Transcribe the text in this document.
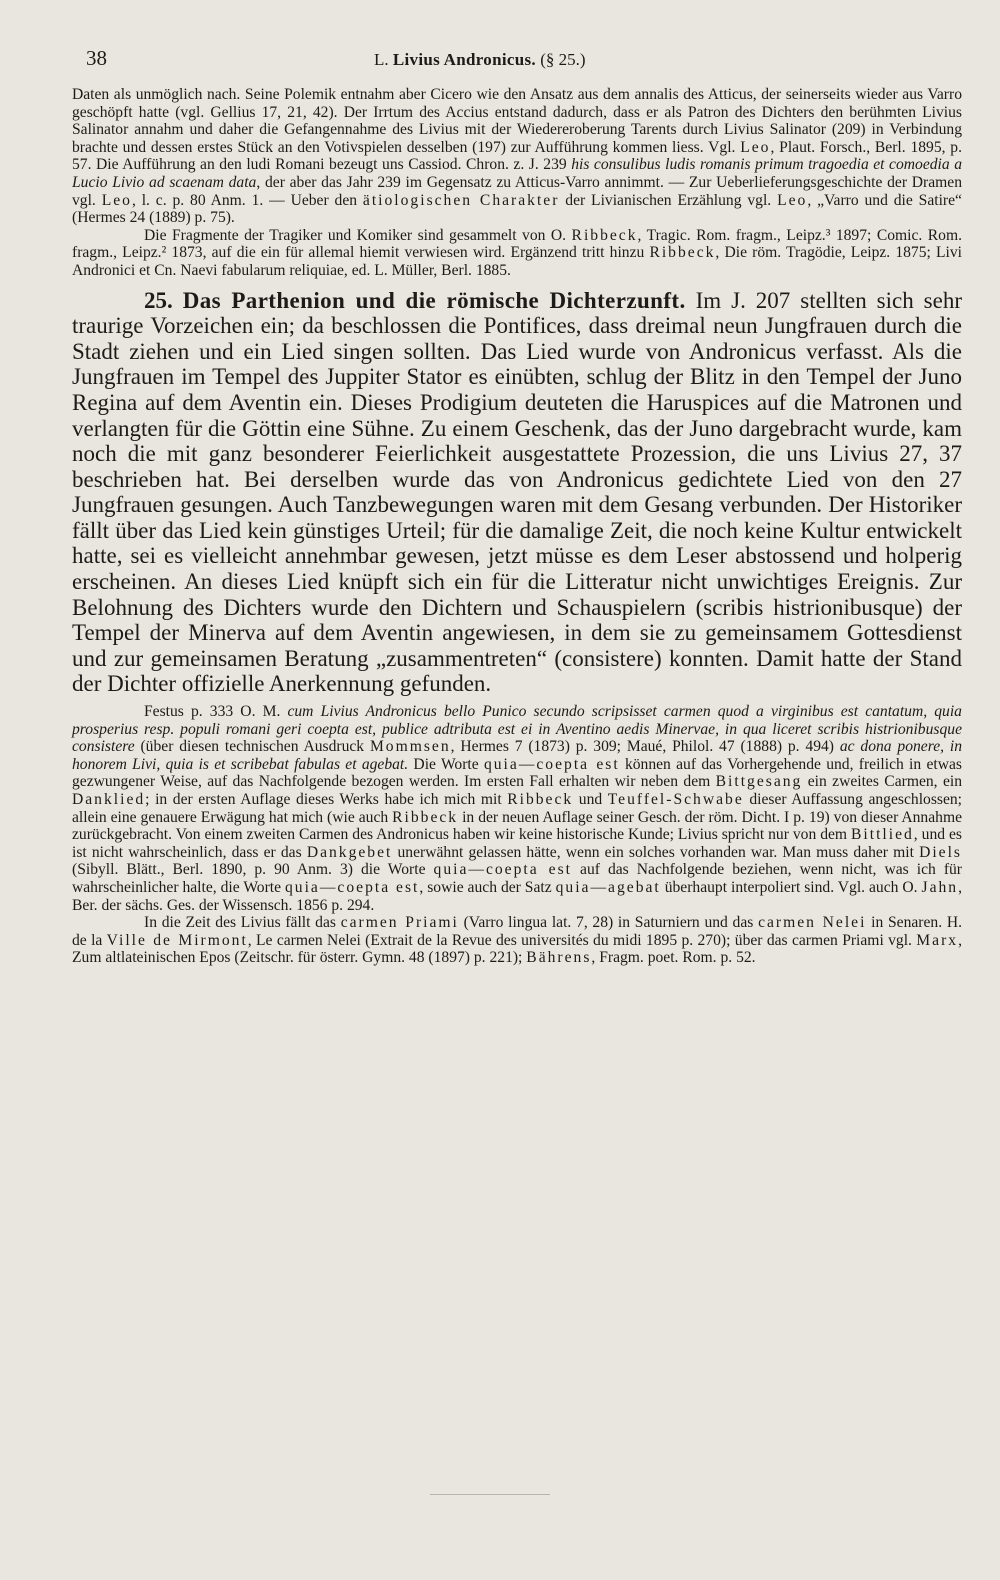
38	L. Livius Andronicus. (§ 25.)

Daten als unmöglich nach. Seine Polemik entnahm aber Cicero wie den Ansatz aus dem annalis des Atticus, der seinerseits wieder aus Varro geschöpft hatte (vgl. Gellius 17, 21, 42). Der Irrtum des Accius entstand dadurch, dass er als Patron des Dichters den berühmten Livius Salinator annahm und daher die Gefangennahme des Livius mit der Wiedereroberung Tarents durch Livius Salinator (209) in Verbindung brachte und dessen erstes Stück an den Votivspielen desselben (197) zur Aufführung kommen liess. Vgl. Leo, Plaut. Forsch., Berl. 1895, p. 57. Die Aufführung an den ludi Romani bezeugt uns Cassiod. Chron. z. J. 239 his consulibus ludis romanis primum tragoedia et comoedia a Lucio Livio ad scaenam data, der aber das Jahr 239 im Gegensatz zu Atticus-Varro annimmt. — Zur Ueberlieferungsgeschichte der Dramen vgl. Leo, l. c. p. 80 Anm. 1. — Ueber den ätiologischen Charakter der Livianischen Erzählung vgl. Leo, „Varro und die Satire“ (Hermes 24 (1889) p. 75).

Die Fragmente der Tragiker und Komiker sind gesammelt von O. Ribbeck, Tragic. Rom. fragm., Leipz.³ 1897; Comic. Rom. fragm., Leipz.² 1873, auf die ein für allemal hiemit verwiesen wird. Ergänzend tritt hinzu Ribbeck, Die röm. Tragödie, Leipz. 1875; Livi Andronici et Cn. Naevi fabularum reliquiae, ed. L. Müller, Berl. 1885.

25. Das Parthenion und die römische Dichterzunft. Im J. 207 stellten sich sehr traurige Vorzeichen ein; da beschlossen die Pontifices, dass dreimal neun Jungfrauen durch die Stadt ziehen und ein Lied singen sollten. Das Lied wurde von Andronicus verfasst. Als die Jungfrauen im Tempel des Juppiter Stator es einübten, schlug der Blitz in den Tempel der Juno Regina auf dem Aventin ein. Dieses Prodigium deuteten die Haruspices auf die Matronen und verlangten für die Göttin eine Sühne. Zu einem Geschenk, das der Juno dargebracht wurde, kam noch die mit ganz besonderer Feierlichkeit ausgestattete Prozession, die uns Livius 27, 37 beschrieben hat. Bei derselben wurde das von Andronicus gedichtete Lied von den 27 Jungfrauen gesungen. Auch Tanzbewegungen waren mit dem Gesang verbunden. Der Historiker fällt über das Lied kein günstiges Urteil; für die damalige Zeit, die noch keine Kultur entwickelt hatte, sei es vielleicht annehmbar gewesen, jetzt müsse es dem Leser abstossend und holperig erscheinen. An dieses Lied knüpft sich ein für die Litteratur nicht unwichtiges Ereignis. Zur Belohnung des Dichters wurde den Dichtern und Schauspielern (scribis histrionibusque) der Tempel der Minerva auf dem Aventin angewiesen, in dem sie zu gemeinsamem Gottesdienst und zur gemeinsamen Beratung „zusammentreten“ (consistere) konnten. Damit hatte der Stand der Dichter offizielle Anerkennung gefunden.

Festus p. 333 O. M. cum Livius Andronicus bello Punico secundo scripsisset carmen quod a virginibus est cantatum, quia prosperius resp. populi romani geri coepta est, publice adtributa est ei in Aventino aedis Minervae, in qua liceret scribis histrionibusque consistere (über diesen technischen Ausdruck Mommsen, Hermes 7 (1873) p. 309; Maué, Philol. 47 (1888) p. 494) ac dona ponere, in honorem Livi, quia is et scribebat fabulas et agebat. Die Worte quia—coepta est können auf das Vorhergehende und, freilich in etwas gezwungener Weise, auf das Nachfolgende bezogen werden. Im ersten Fall erhalten wir neben dem Bittgesang ein zweites Carmen, ein Danklied; in der ersten Auflage dieses Werks habe ich mich mit Ribbeck und Teuffel-Schwabe dieser Auffassung angeschlossen; allein eine genauere Erwägung hat mich (wie auch Ribbeck in der neuen Auflage seiner Gesch. der röm. Dicht. I p. 19) von dieser Annahme zurückgebracht. Von einem zweiten Carmen des Andronicus haben wir keine historische Kunde; Livius spricht nur von dem Bittlied, und es ist nicht wahrscheinlich, dass er das Dankgebet unerwähnt gelassen hätte, wenn ein solches vorhanden war. Man muss daher mit Diels (Sibyll. Blätt., Berl. 1890, p. 90 Anm. 3) die Worte quia—coepta est auf das Nachfolgende beziehen, wenn nicht, was ich für wahrscheinlicher halte, die Worte quia—coepta est, sowie auch der Satz quia—agebat überhaupt interpoliert sind. Vgl. auch O. Jahn, Ber. der sächs. Ges. der Wissensch. 1856 p. 294.

In die Zeit des Livius fällt das carmen Priami (Varro lingua lat. 7, 28) in Saturniern und das carmen Nelei in Senaren. H. de la Ville de Mirmont, Le carmen Nelei (Extrait de la Revue des universités du midi 1895 p. 270); über das carmen Priami vgl. Marx, Zum altlateinischen Epos (Zeitschr. für österr. Gymn. 48 (1897) p. 221); Bährens, Fragm. poet. Rom. p. 52.
